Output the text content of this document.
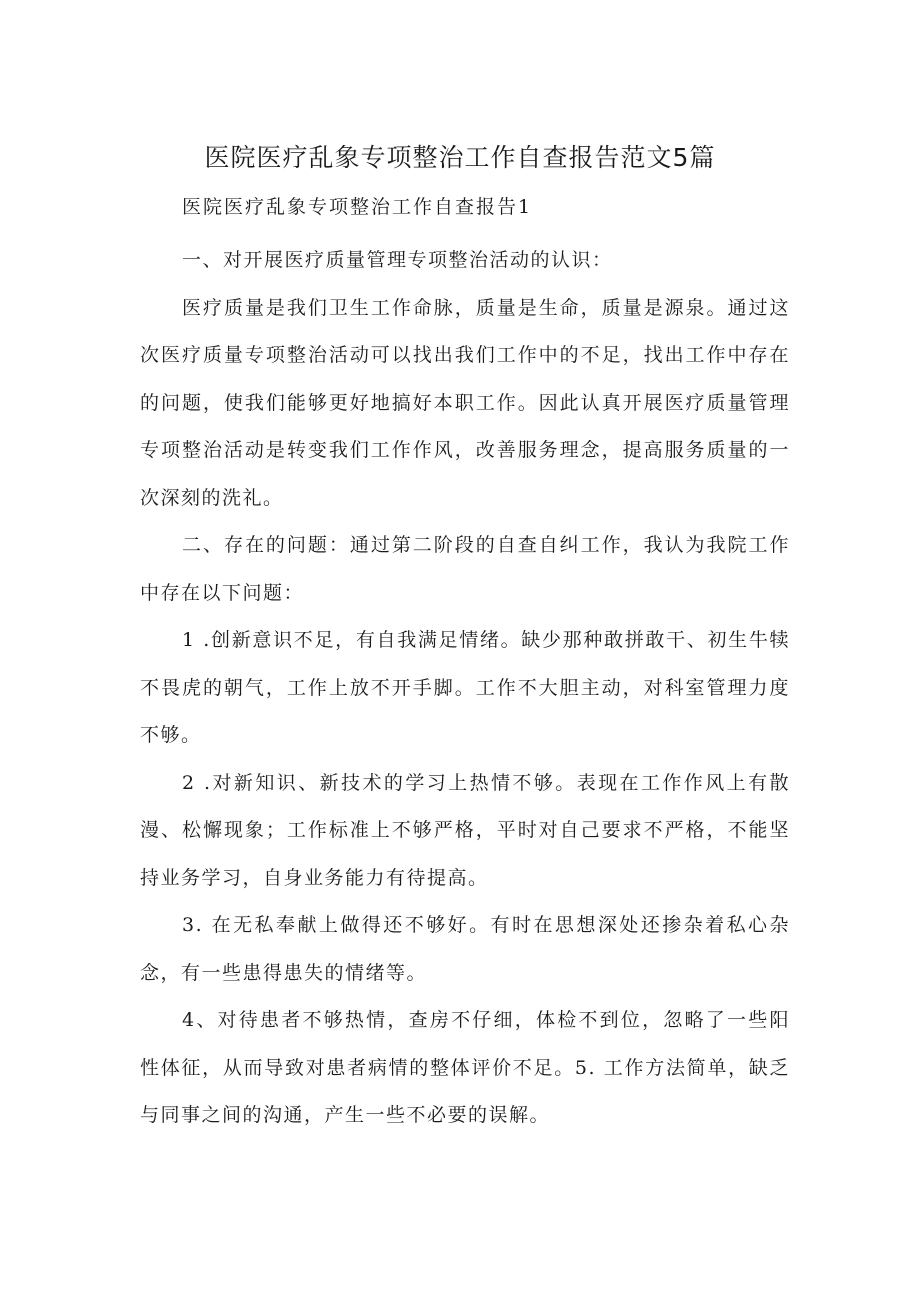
医院医疗乱象专项整治工作自查报告范文5篇
医院医疗乱象专项整治工作自查报告1

一、对开展医疗质量管理专项整治活动的认识：

医疗质量是我们卫生工作命脉，质量是生命，质量是源泉。通过这次医疗质量专项整治活动可以找出我们工作中的不足，找出工作中存在的问题，使我们能够更好地搞好本职工作。因此认真开展医疗质量管理专项整治活动是转变我们工作作风，改善服务理念，提高服务质量的一次深刻的洗礼。

二、存在的问题：通过第二阶段的自查自纠工作，我认为我院工作中存在以下问题：

1 .创新意识不足，有自我满足情绪。缺少那种敢拼敢干、初生牛犊不畏虎的朝气，工作上放不开手脚。工作不大胆主动，对科室管理力度不够。

2 .对新知识、新技术的学习上热情不够。表现在工作作风上有散漫、松懈现象；工作标准上不够严格，平时对自己要求不严格，不能坚持业务学习，自身业务能力有待提高。

3. 在无私奉献上做得还不够好。有时在思想深处还掺杂着私心杂念，有一些患得患失的情绪等。

4、对待患者不够热情，查房不仔细，体检不到位，忽略了一些阳性体征，从而导致对患者病情的整体评价不足。5. 工作方法简单，缺乏与同事之间的沟通，产生一些不必要的误解。
